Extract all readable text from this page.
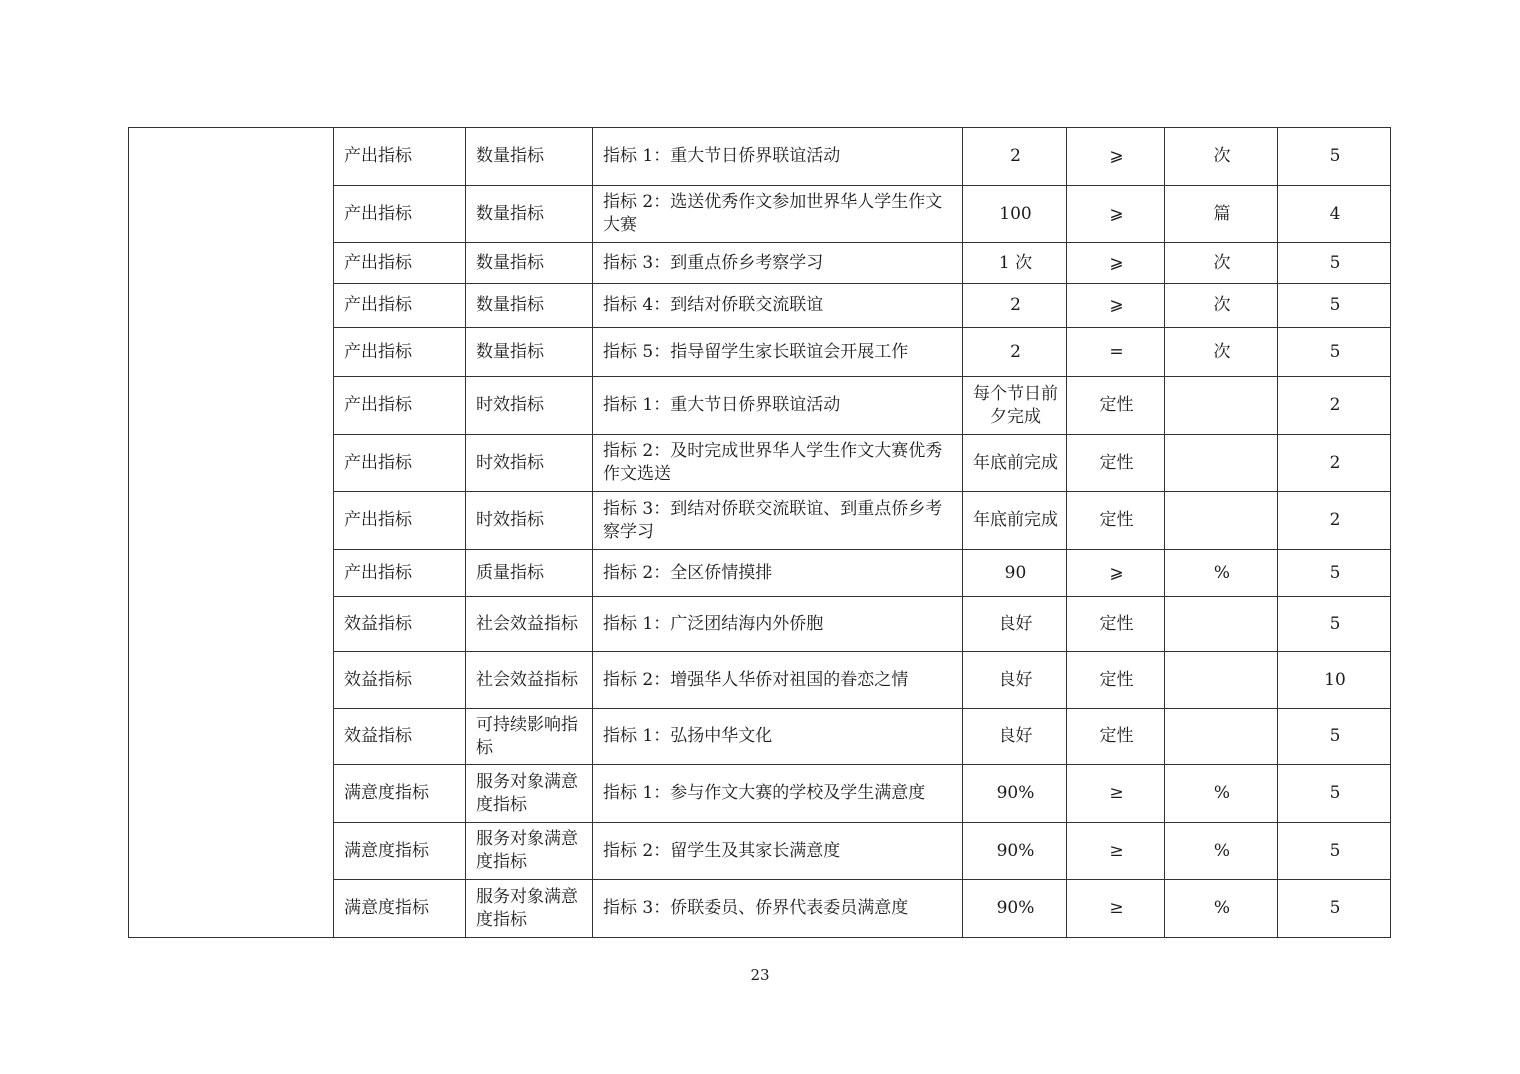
	产出指标	数量指标	指标 1：重大节日侨界联谊活动	2	⩾	次	5
	产出指标	数量指标	指标 2：选送优秀作文参加世界华人学生作文大赛	100	⩾	篇	4
	产出指标	数量指标	指标 3：到重点侨乡考察学习	1 次	⩾	次	5
	产出指标	数量指标	指标 4：到结对侨联交流联谊	2	⩾	次	5
	产出指标	数量指标	指标 5：指导留学生家长联谊会开展工作	2	=	次	5
	产出指标	时效指标	指标 1：重大节日侨界联谊活动	每个节日前夕完成	定性		2
	产出指标	时效指标	指标 2：及时完成世界华人学生作文大赛优秀作文选送	年底前完成	定性		2
	产出指标	时效指标	指标 3：到结对侨联交流联谊、到重点侨乡考察学习	年底前完成	定性		2
	产出指标	质量指标	指标 2：全区侨情摸排	90	⩾	%	5
	效益指标	社会效益指标	指标 1：广泛团结海内外侨胞	良好	定性		5
	效益指标	社会效益指标	指标 2：增强华人华侨对祖国的眷恋之情	良好	定性		10
	效益指标	可持续影响指标	指标 1：弘扬中华文化	良好	定性		5
	满意度指标	服务对象满意度指标	指标 1：参与作文大赛的学校及学生满意度	90%	≥	%	5
	满意度指标	服务对象满意度指标	指标 2：留学生及其家长满意度	90%	≥	%	5
	满意度指标	服务对象满意度指标	指标 3：侨联委员、侨界代表委员满意度	90%	≥	%	5
23
